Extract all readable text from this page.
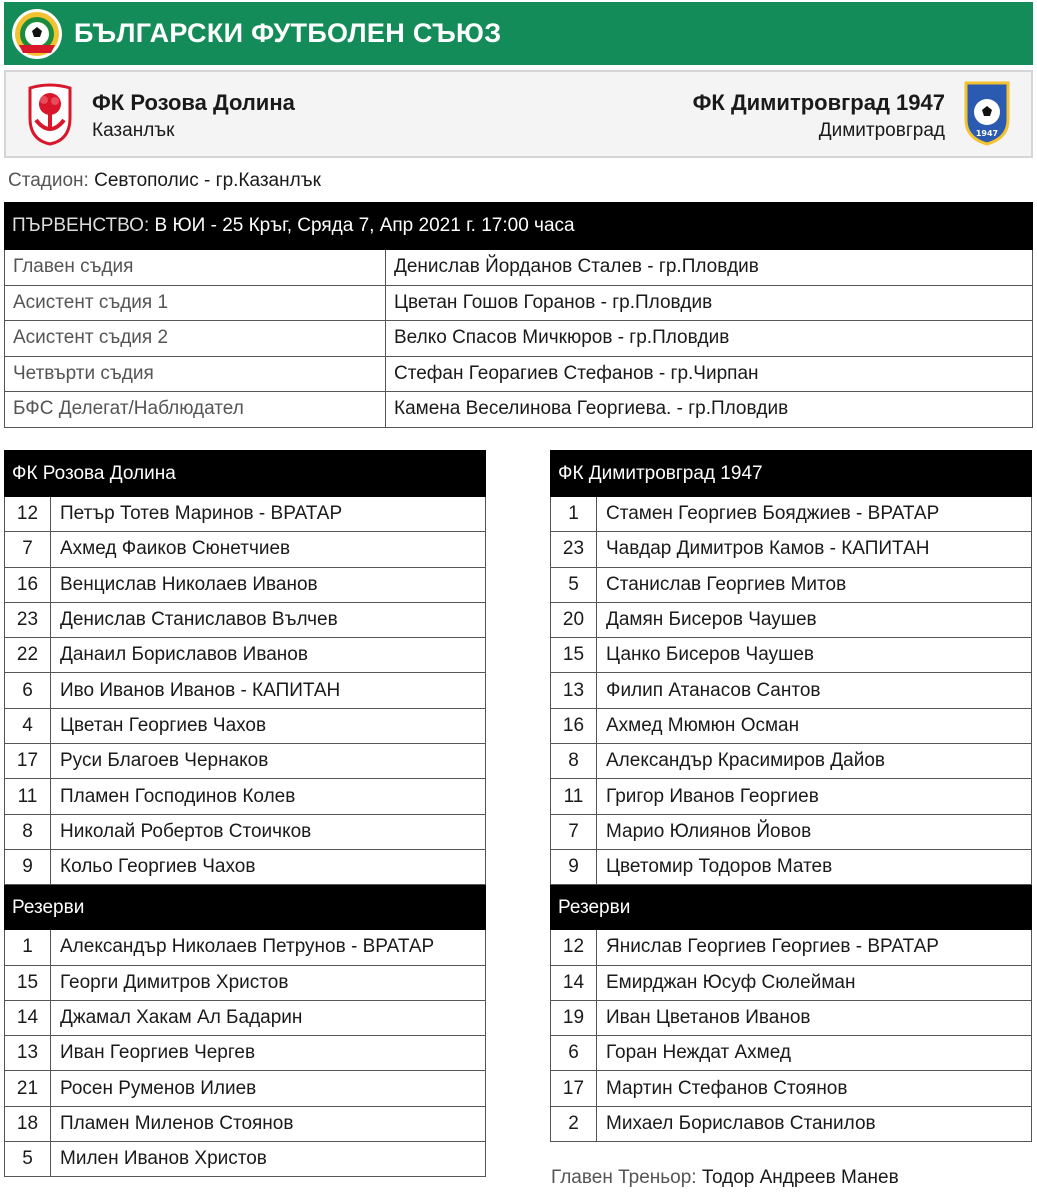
БЪЛГАРСКИ ФУТБОЛЕН СЪЮЗ
ФК Розова Долина
Казанлък
ФК Димитровград 1947
Димитровград	1947
Стадион: Севтополис - гр.Казанлък
ПЪРВЕНСТВО:
В ЮИ - 25 Кръг, Сряда 7, Апр 2021 г. 17:00 часа
Главен съдия	Денислав Йорданов Сталев - гр.Пловдив
Асистент съдия 1	Цветан Гошов Горанов - гр.Пловдив
Асистент съдия 2	Велко Спасов Мичкюров - гр.Пловдив
Четвърти съдия	Стефан Георагиев Стефанов - гр.Чирпан
БФС Делегат/Наблюдател	Камена Веселинова Георгиева. - гр.Пловдив
ФК Розова Долина
12	Петър Тотев Маринов - ВРАТАР
7	Ахмед Фаиков Сюнетчиев
16	Венцислав Николаев Иванов
23	Денислав Станиславов Вълчев
22	Данаил Бориславов Иванов
6	Иво Иванов Иванов - КАПИТАН
4	Цветан Георгиев Чахов
17	Руси Благоев Чернаков
11	Пламен Господинов Колев
8	Николай Робертов Стоичков
9	Кольо Георгиев Чахов
Резерви
1	Александър Николаев Петрунов - ВРАТАР
15	Георги Димитров Христов
14	Джамал Хакам Ал Бадарин
13	Иван Георгиев Чергев
21	Росен Руменов Илиев
18	Пламен Миленов Стоянов
5	Милен Иванов Христов
ФК Димитровград 1947
1	Стамен Георгиев Бояджиев - ВРАТАР
23	Чавдар Димитров Камов - КАПИТАН
5	Станислав Георгиев Митов
20	Дамян Бисеров Чаушев
15	Цанко Бисеров Чаушев
13	Филип Атанасов Сантов
16	Ахмед Мюмюн Осман
8	Александър Красимиров Дайов
11	Григор Иванов Георгиев
7	Марио Юлиянов Йовов
9	Цветомир Тодоров Матев
Резерви
12	Янислав Георгиев Георгиев - ВРАТАР
14	Емирджан Юсуф Сюлейман
19	Иван Цветанов Иванов
6	Горан Неждат Ахмед
17	Мартин Стефанов Стоянов
2	Михаел Бориславов Станилов
Главен Треньор: Тодор Андреев Манев
